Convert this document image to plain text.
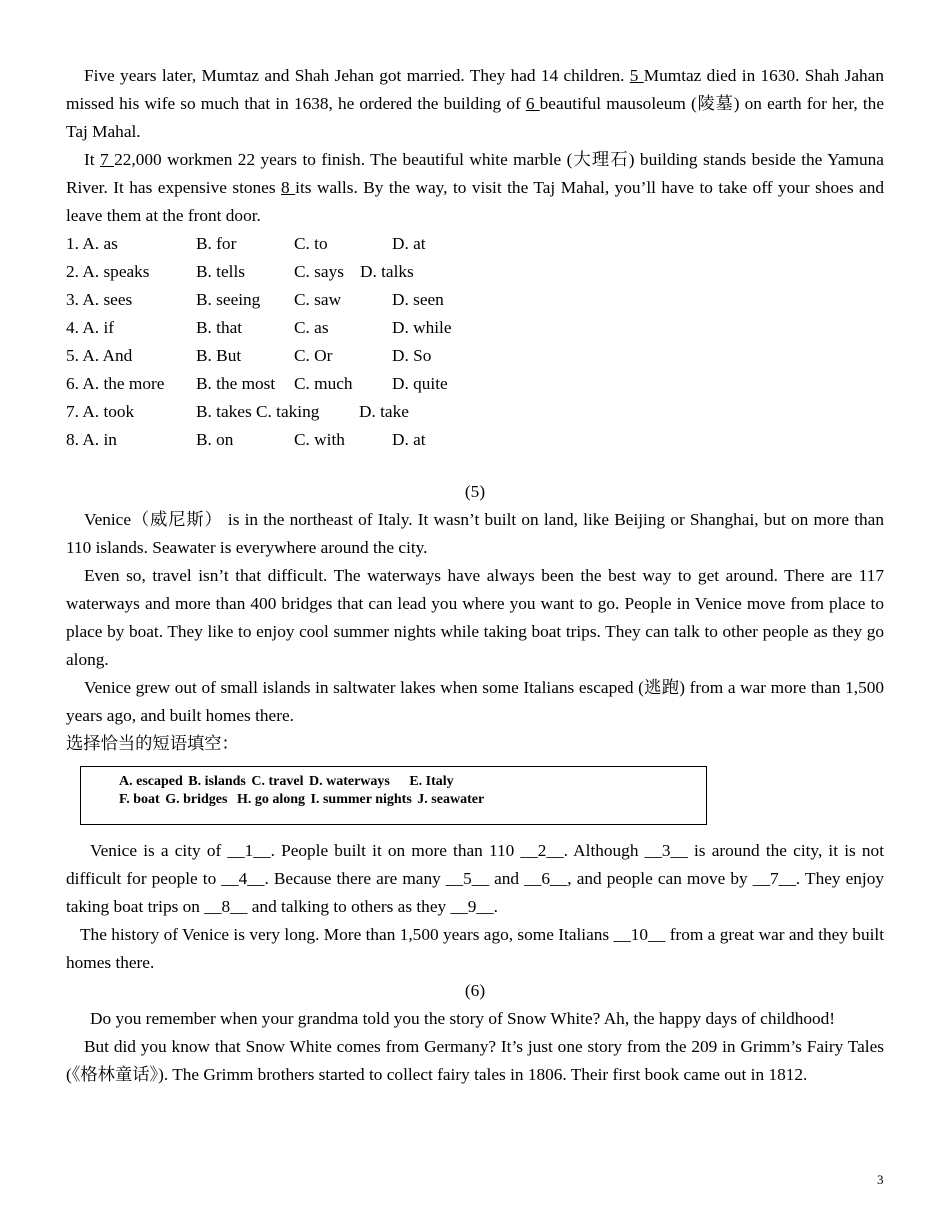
Five years later, Mumtaz and Shah Jehan got married. They had 14 children. 5 Mumtaz died in 1630. Shah Jahan missed his wife so much that in 1638, he ordered the building of 6 beautiful mausoleum (陵墓) on earth for her, the Taj Mahal.

It 7 22,000 workmen 22 years to finish. The beautiful white marble (大理石) building stands beside the Yamuna River. It has expensive stones 8 its walls. By the way, to visit the Taj Mahal, you’ll have to take off your shoes and leave them at the front door.

1. A. as	B. for	C. to	D. at
2. A. speaks	B. tells	C. says D. talks
3. A. sees	B. seeing	C. saw	D. seen
4. A. if	B. that	C. as	D. while
5. A. And	B. But	C. Or	D. So
6. A. the more	B. the most	C. much	D. quite
7. A. took	B. takes C. taking	D. take
8. A. in	B. on	C. with	D. at

(5)

Venice（威尼斯） is in the northeast of Italy. It wasn’t built on land, like Beijing or Shanghai, but on more than 110 islands. Seawater is everywhere around the city.

Even so, travel isn’t that difficult. The waterways have always been the best way to get around. There are 117 waterways and more than 400 bridges that can lead you where you want to go. People in Venice move from place to place by boat. They like to enjoy cool summer nights while taking boat trips. They can talk to other people as they go along.

Venice grew out of small islands in saltwater lakes when some Italians escaped (逃跑) from a war more than 1,500 years ago, and built homes there.

选择恰当的短语填空：

A. escaped B. islands C. travel D. waterways E. Italy
F. boat G. bridges H. go along I. summer nights J. seawater

Venice is a city of __1__. People built it on more than 110 __2__. Although __3__ is around the city, it is not difficult for people to __4__. Because there are many __5__ and __6__, and people can move by __7__. They enjoy taking boat trips on __8__ and talking to others as they __9__.

The history of Venice is very long. More than 1,500 years ago, some Italians __10__ from a great war and they built homes there.

(6)

Do you remember when your grandma told you the story of Snow White? Ah, the happy days of childhood!

But did you know that Snow White comes from Germany? It’s just one story from the 209 in Grimm’s Fairy Tales (《格林童话》). The Grimm brothers started to collect fairy tales in 1806. Their first book came out in 1812.

3
